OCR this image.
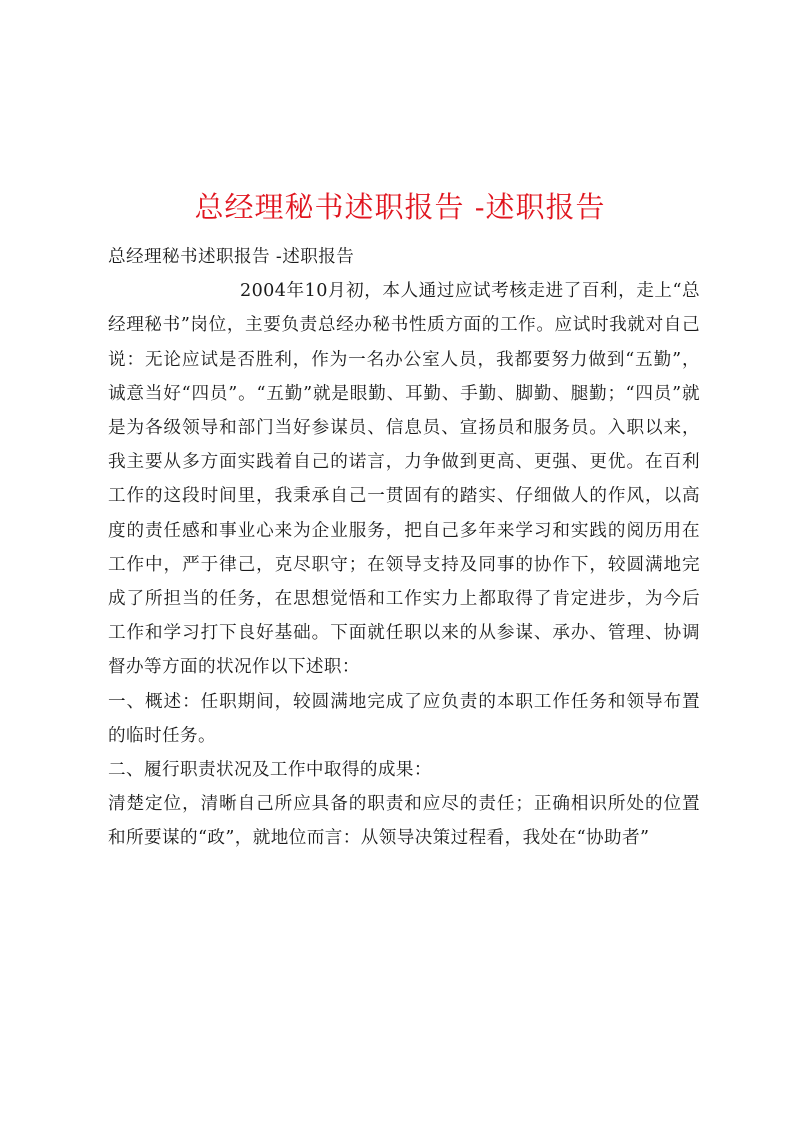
总经理秘书述职报告 -述职报告

总经理秘书述职报告 -述职报告

2004年10月初，本人通过应试考核走进了百利，走上“总经理秘书”岗位，主要负责总经办秘书性质方面的工作。应试时我就对自己说：无论应试是否胜利，作为一名办公室人员，我都要努力做到“五勤”，诚意当好“四员”。“五勤”就是眼勤、耳勤、手勤、脚勤、腿勤；“四员”就是为各级领导和部门当好参谋员、信息员、宣扬员和服务员。入职以来，我主要从多方面实践着自己的诺言，力争做到更高、更强、更优。在百利工作的这段时间里，我秉承自己一贯固有的踏实、仔细做人的作风，以高度的责任感和事业心来为企业服务，把自己多年来学习和实践的阅历用在工作中，严于律己，克尽职守；在领导支持及同事的协作下，较圆满地完成了所担当的任务，在思想觉悟和工作实力上都取得了肯定进步，为今后工作和学习打下良好基础。下面就任职以来的从参谋、承办、管理、协调督办等方面的状况作以下述职：

一、概述：任职期间，较圆满地完成了应负责的本职工作任务和领导布置的临时任务。

二、履行职责状况及工作中取得的成果：

清楚定位，清晰自己所应具备的职责和应尽的责任；正确相识所处的位置和所要谋的“政”，就地位而言：从领导决策过程看，我处在“协助者”
